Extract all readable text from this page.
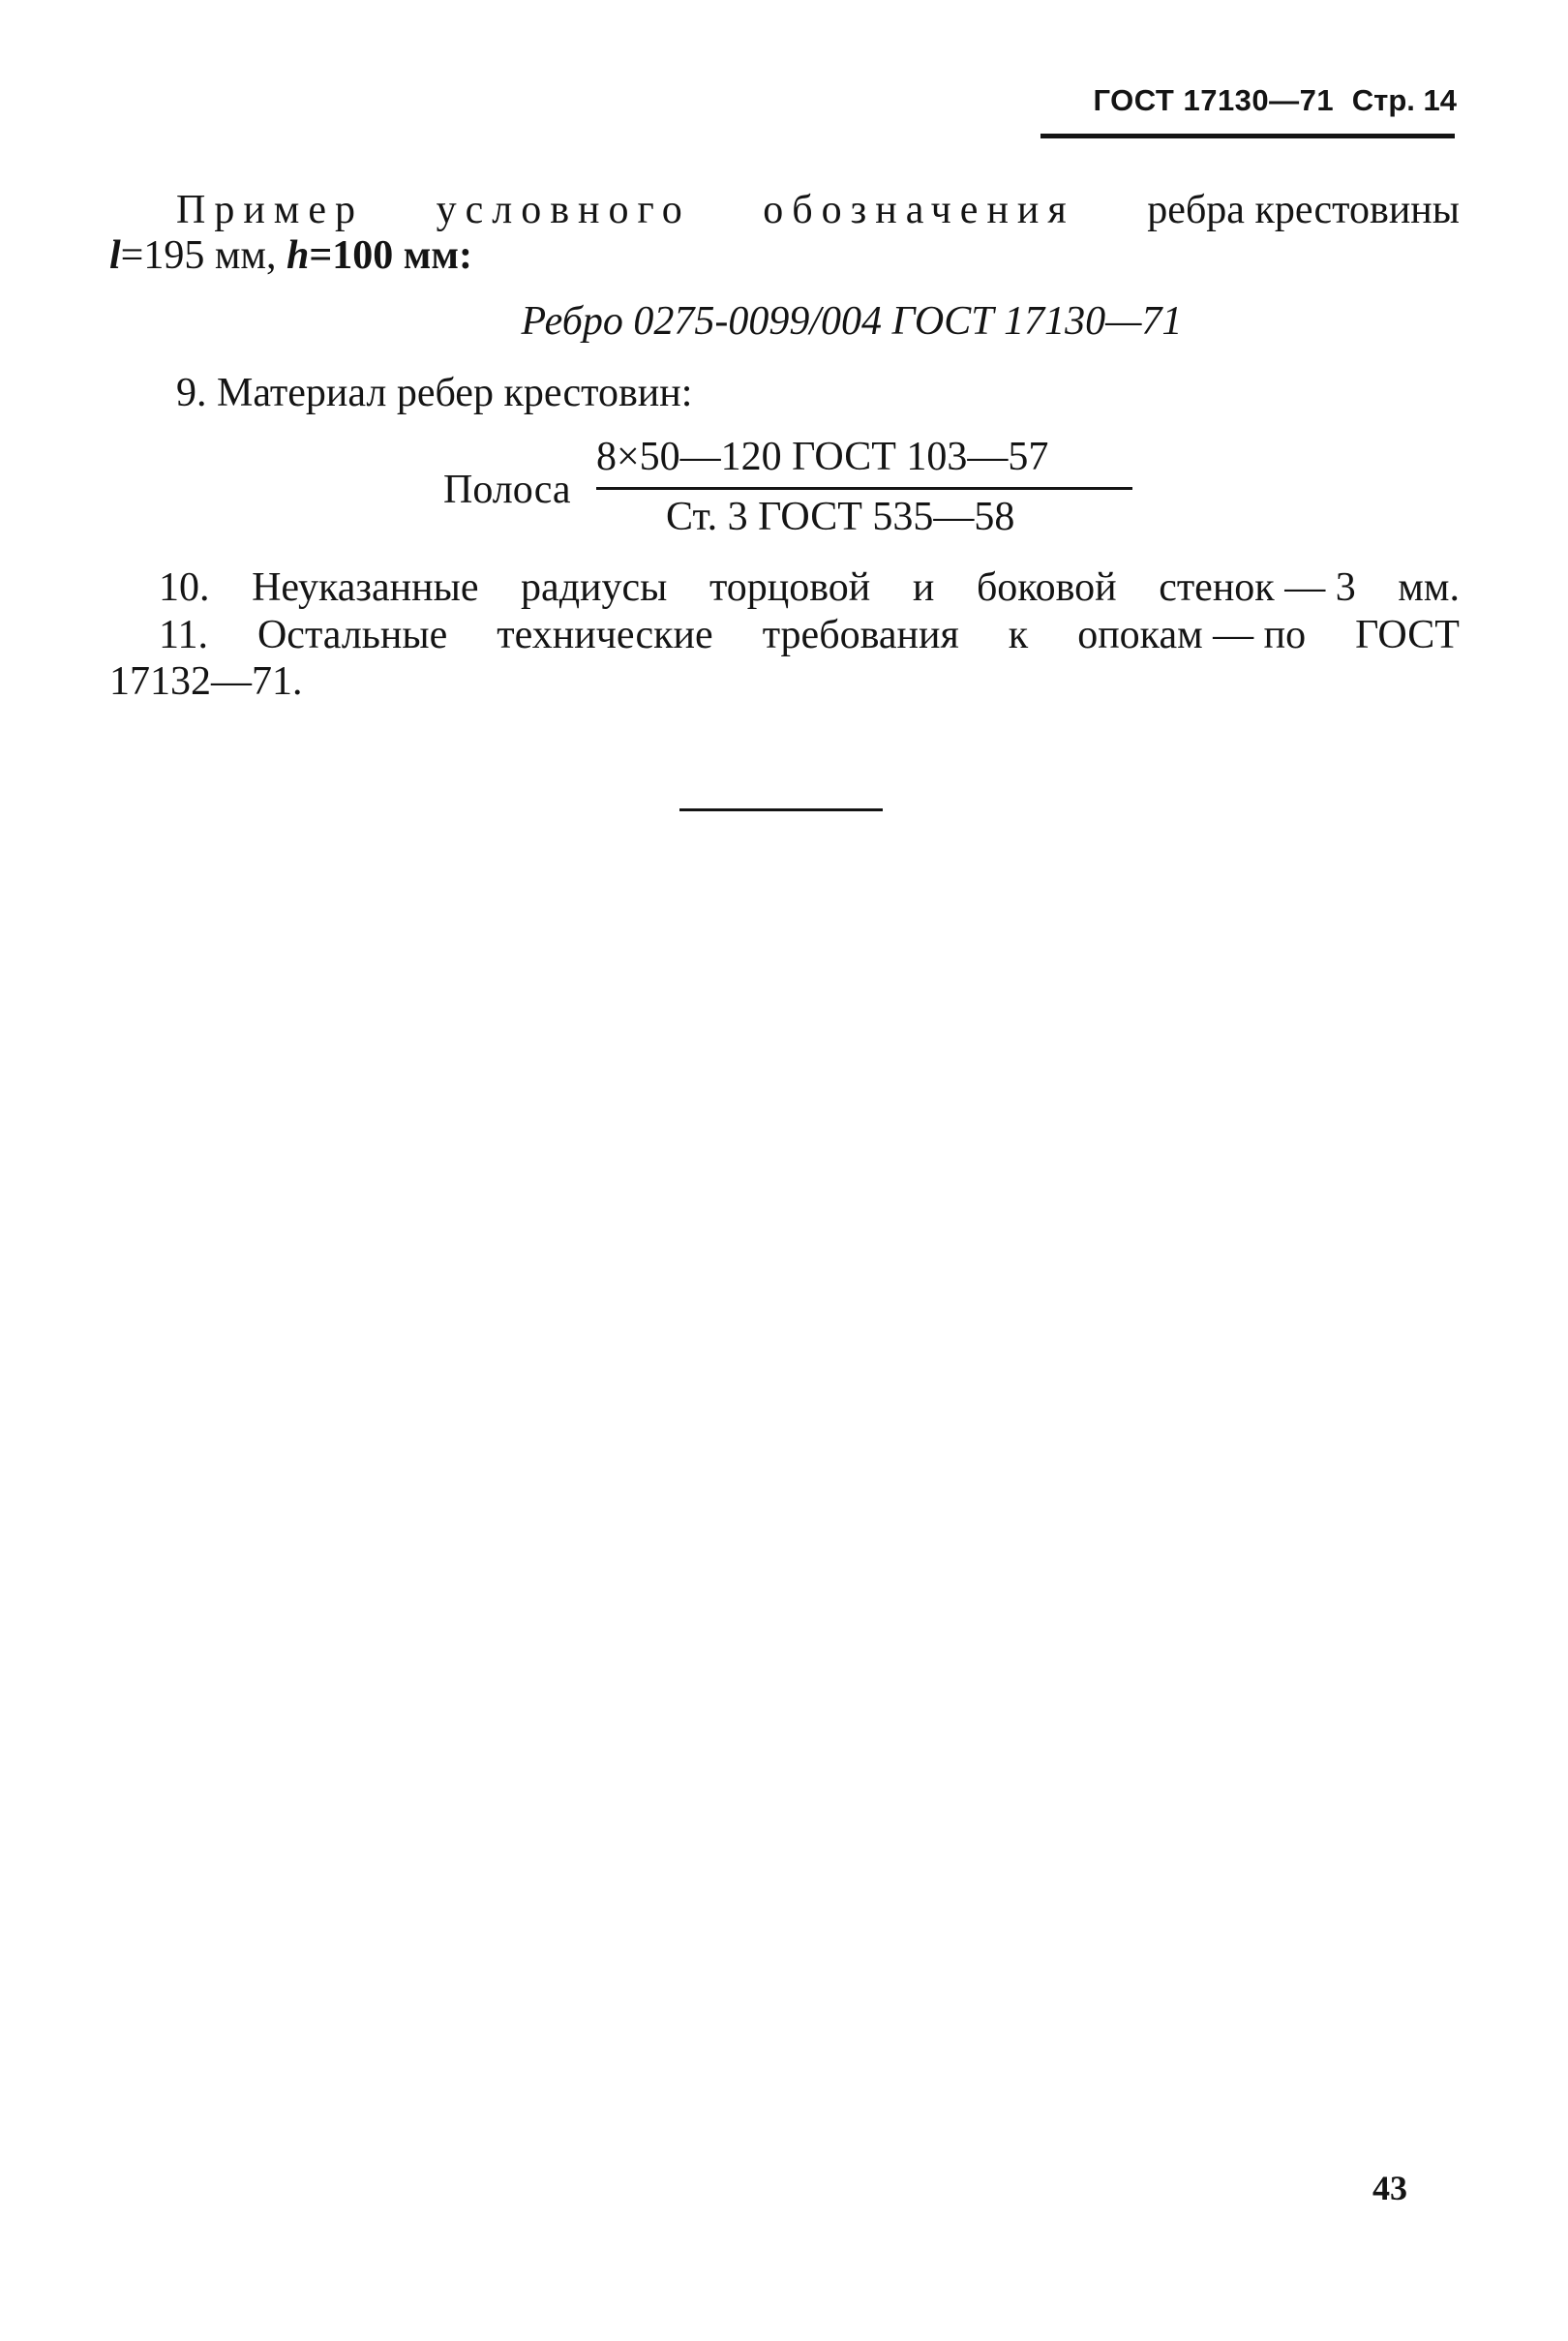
ГОСТ 17130—71 Стр. 14
Пример условного обозначения ребра крестовины
l=195 мм, h=100 мм:
Ребро 0275-0099/004 ГОСТ 17130—71
9. Материал ребер крестовин:
Полоса
8×50—120 ГОСТ 103—57
Ст. 3 ГОСТ 535—58
10. Неуказанные радиусы торцовой и боковой стенок — 3 мм.
11. Остальные технические требования к опокам — по ГОСТ
17132—71.
43
